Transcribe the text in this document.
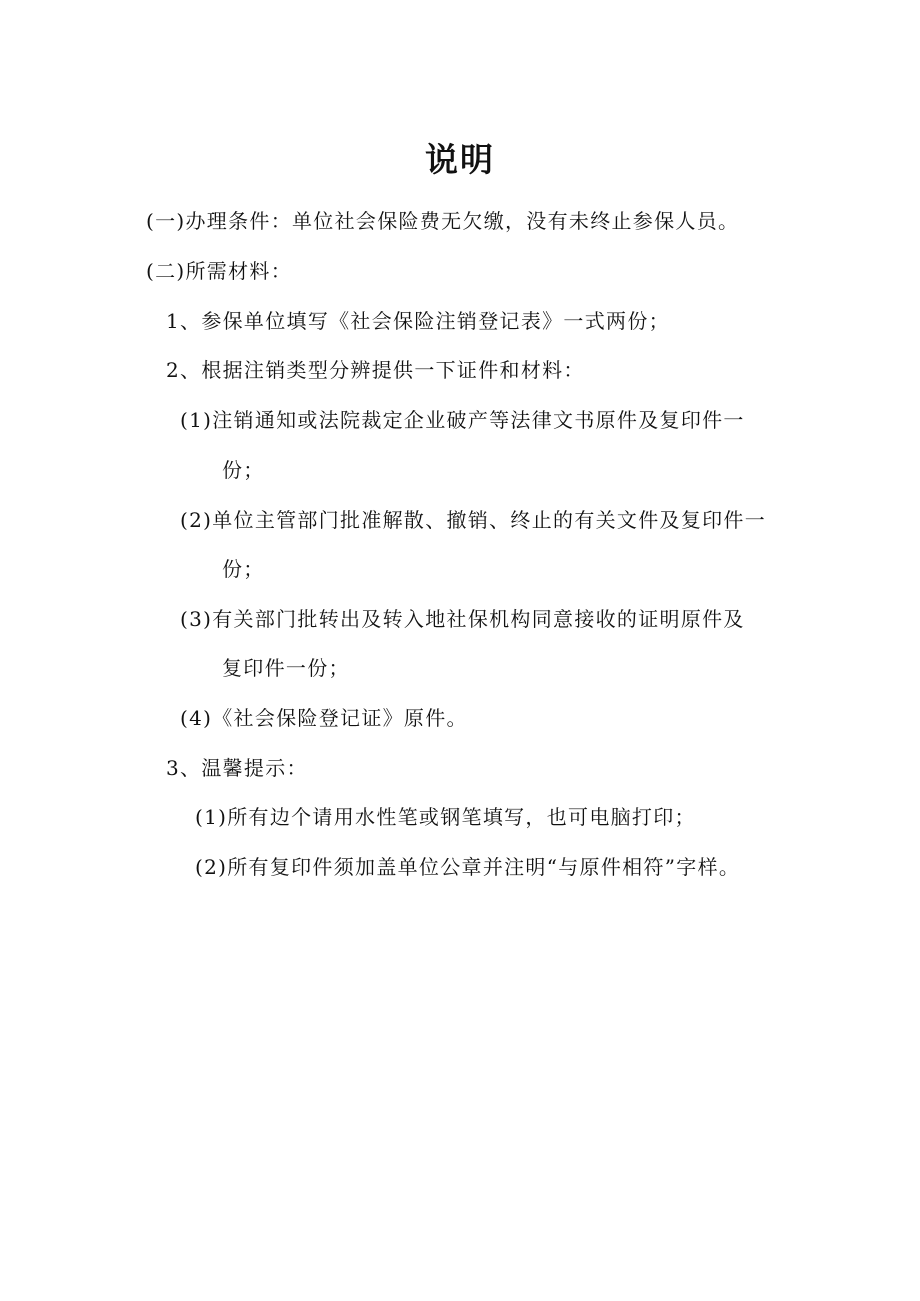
说明
(一)办理条件：单位社会保险费无欠缴，没有未终止参保人员。
(二)所需材料：
1、参保单位填写《社会保险注销登记表》一式两份；
2、根据注销类型分辨提供一下证件和材料：
(1)注销通知或法院裁定企业破产等法律文书原件及复印件一
份；
(2)单位主管部门批准解散、撤销、终止的有关文件及复印件一
份；
(3)有关部门批转出及转入地社保机构同意接收的证明原件及
复印件一份；
(4)《社会保险登记证》原件。
3、温馨提示：
(1)所有边个请用水性笔或钢笔填写，也可电脑打印；
(2)所有复印件须加盖单位公章并注明“与原件相符”字样。
